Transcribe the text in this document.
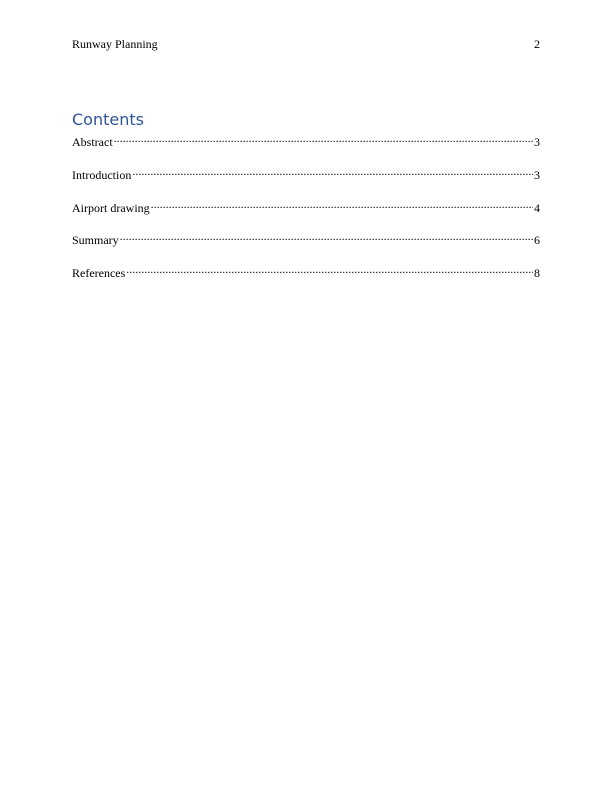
Runway Planning	2
Contents
Abstract .....	3
Introduction .....	3
Airport drawing .....	4
Summary .....	6
References .....	8
